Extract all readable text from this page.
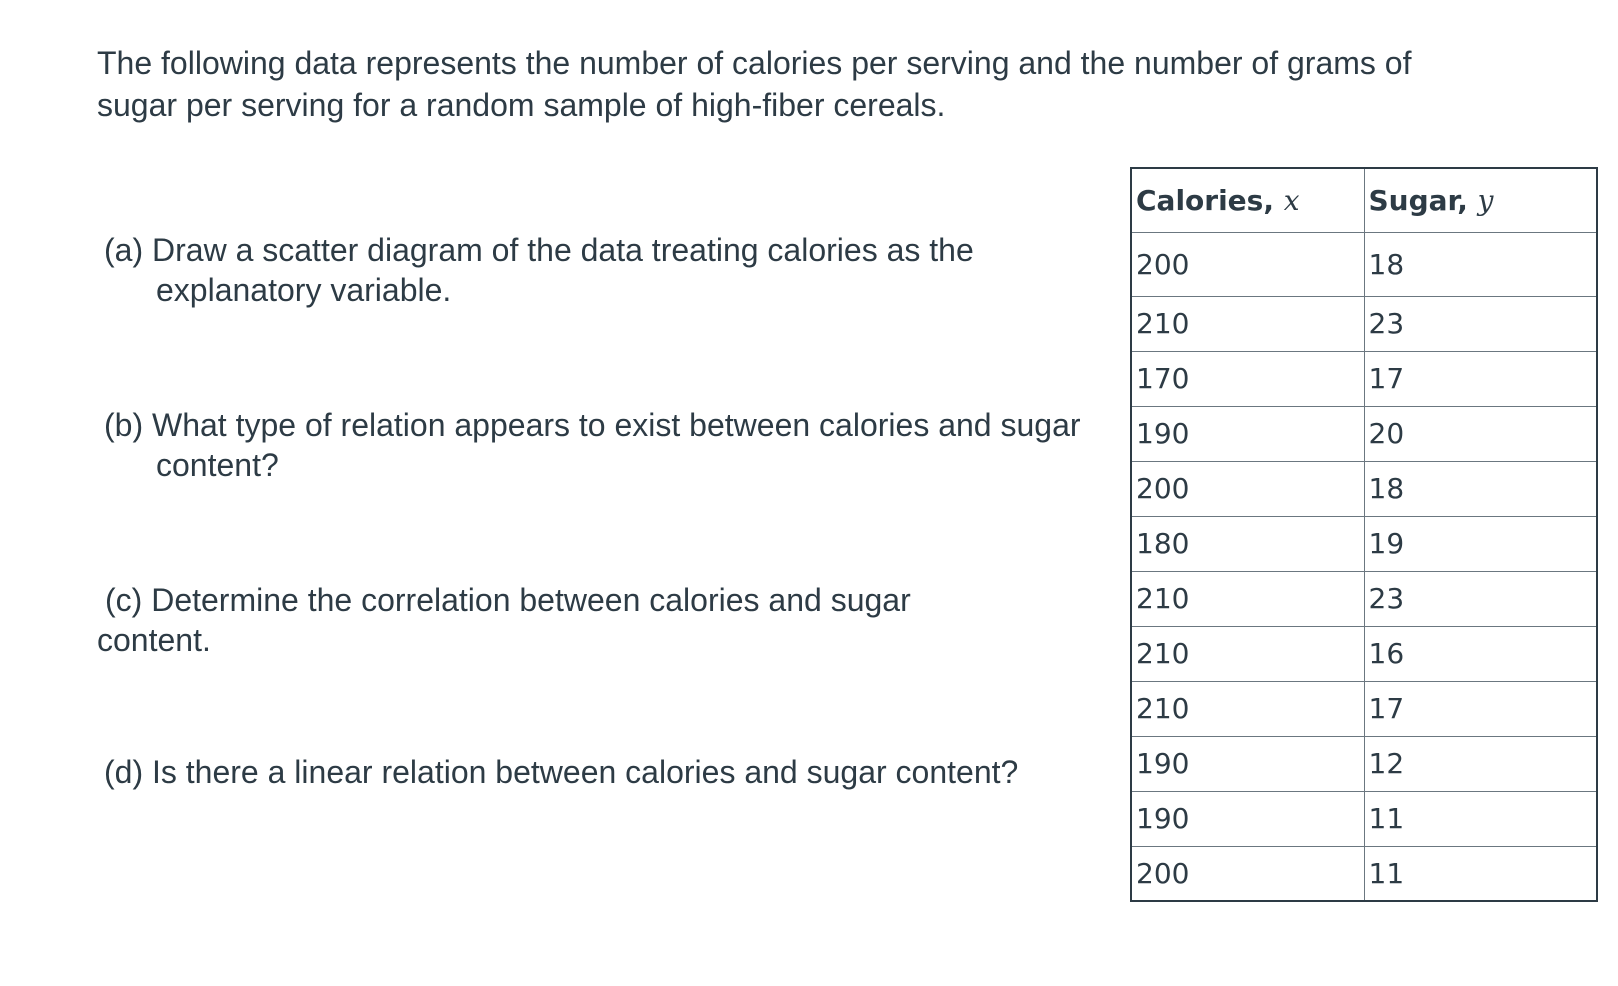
The following data represents the number of calories per serving and the number of grams of sugar per serving for a random sample of high-fiber cereals.

(a) Draw a scatter diagram of the data treating calories as the explanatory variable.

(b) What type of relation appears to exist between calories and sugar content?

(c) Determine the correlation between calories and sugar content.

(d) Is there a linear relation between calories and sugar content?

Calories, x	Sugar, y
200	18
210	23
170	17
190	20
200	18
180	19
210	23
210	16
210	17
190	12
190	11
200	11
